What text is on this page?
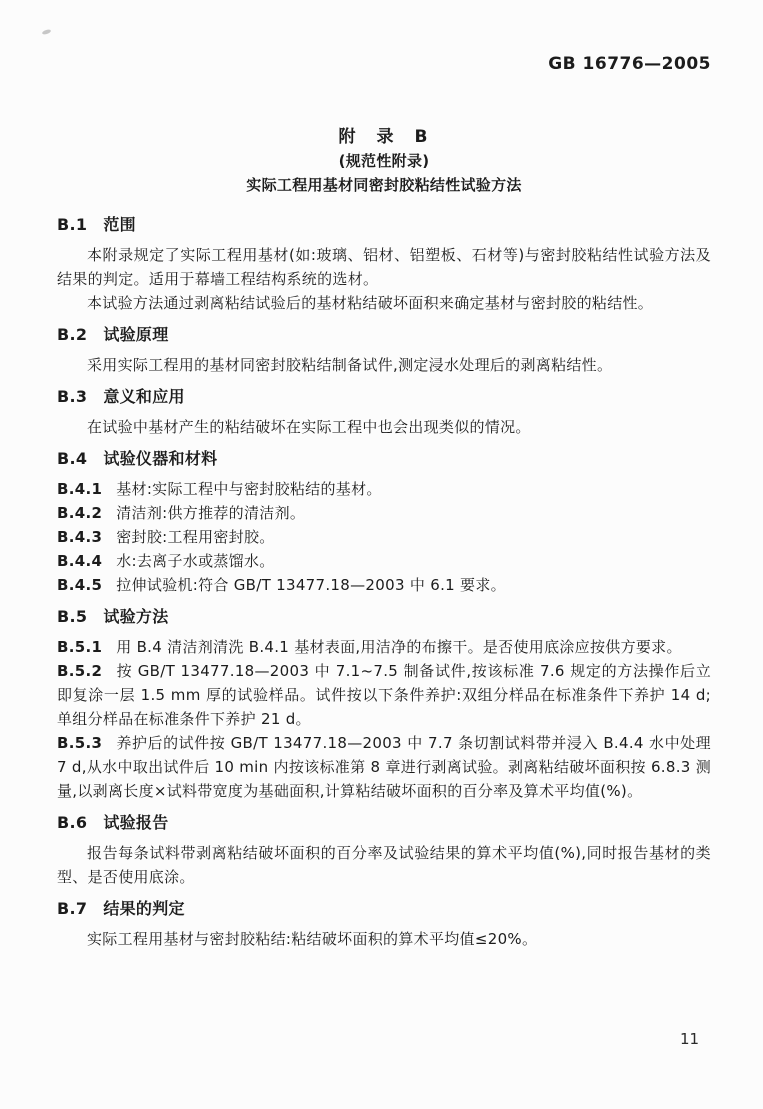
GB 16776—2005
附　录　B
(规范性附录)
实际工程用基材同密封胶粘结性试验方法
B.1 范围

本附录规定了实际工程用基材(如:玻璃、铝材、铝塑板、石材等)与密封胶粘结性试验方法及结果的判定。适用于幕墙工程结构系统的选材。

本试验方法通过剥离粘结试验后的基材粘结破坏面积来确定基材与密封胶的粘结性。

B.2 试验原理

采用实际工程用的基材同密封胶粘结制备试件,测定浸水处理后的剥离粘结性。

B.3 意义和应用

在试验中基材产生的粘结破坏在实际工程中也会出现类似的情况。

B.4 试验仪器和材料

B.4.1 基材:实际工程中与密封胶粘结的基材。

B.4.2 清洁剂:供方推荐的清洁剂。

B.4.3 密封胶:工程用密封胶。

B.4.4 水:去离子水或蒸馏水。

B.4.5 拉伸试验机:符合 GB/T 13477.18—2003 中 6.1 要求。

B.5 试验方法

B.5.1 用 B.4 清洁剂清洗 B.4.1 基材表面,用洁净的布擦干。是否使用底涂应按供方要求。

B.5.2 按 GB/T 13477.18—2003 中 7.1~7.5 制备试件,按该标准 7.6 规定的方法操作后立即复涂一层 1.5 mm 厚的试验样品。试件按以下条件养护:双组分样品在标准条件下养护 14 d;单组分样品在标准条件下养护 21 d。

B.5.3 养护后的试件按 GB/T 13477.18—2003 中 7.7 条切割试料带并浸入 B.4.4 水中处理 7 d,从水中取出试件后 10 min 内按该标准第 8 章进行剥离试验。剥离粘结破坏面积按 6.8.3 测量,以剥离长度×试料带宽度为基础面积,计算粘结破坏面积的百分率及算术平均值(%)。

B.6 试验报告

报告每条试料带剥离粘结破坏面积的百分率及试验结果的算术平均值(%),同时报告基材的类型、是否使用底涂。

B.7 结果的判定

实际工程用基材与密封胶粘结:粘结破坏面积的算术平均值≤20%。

11
